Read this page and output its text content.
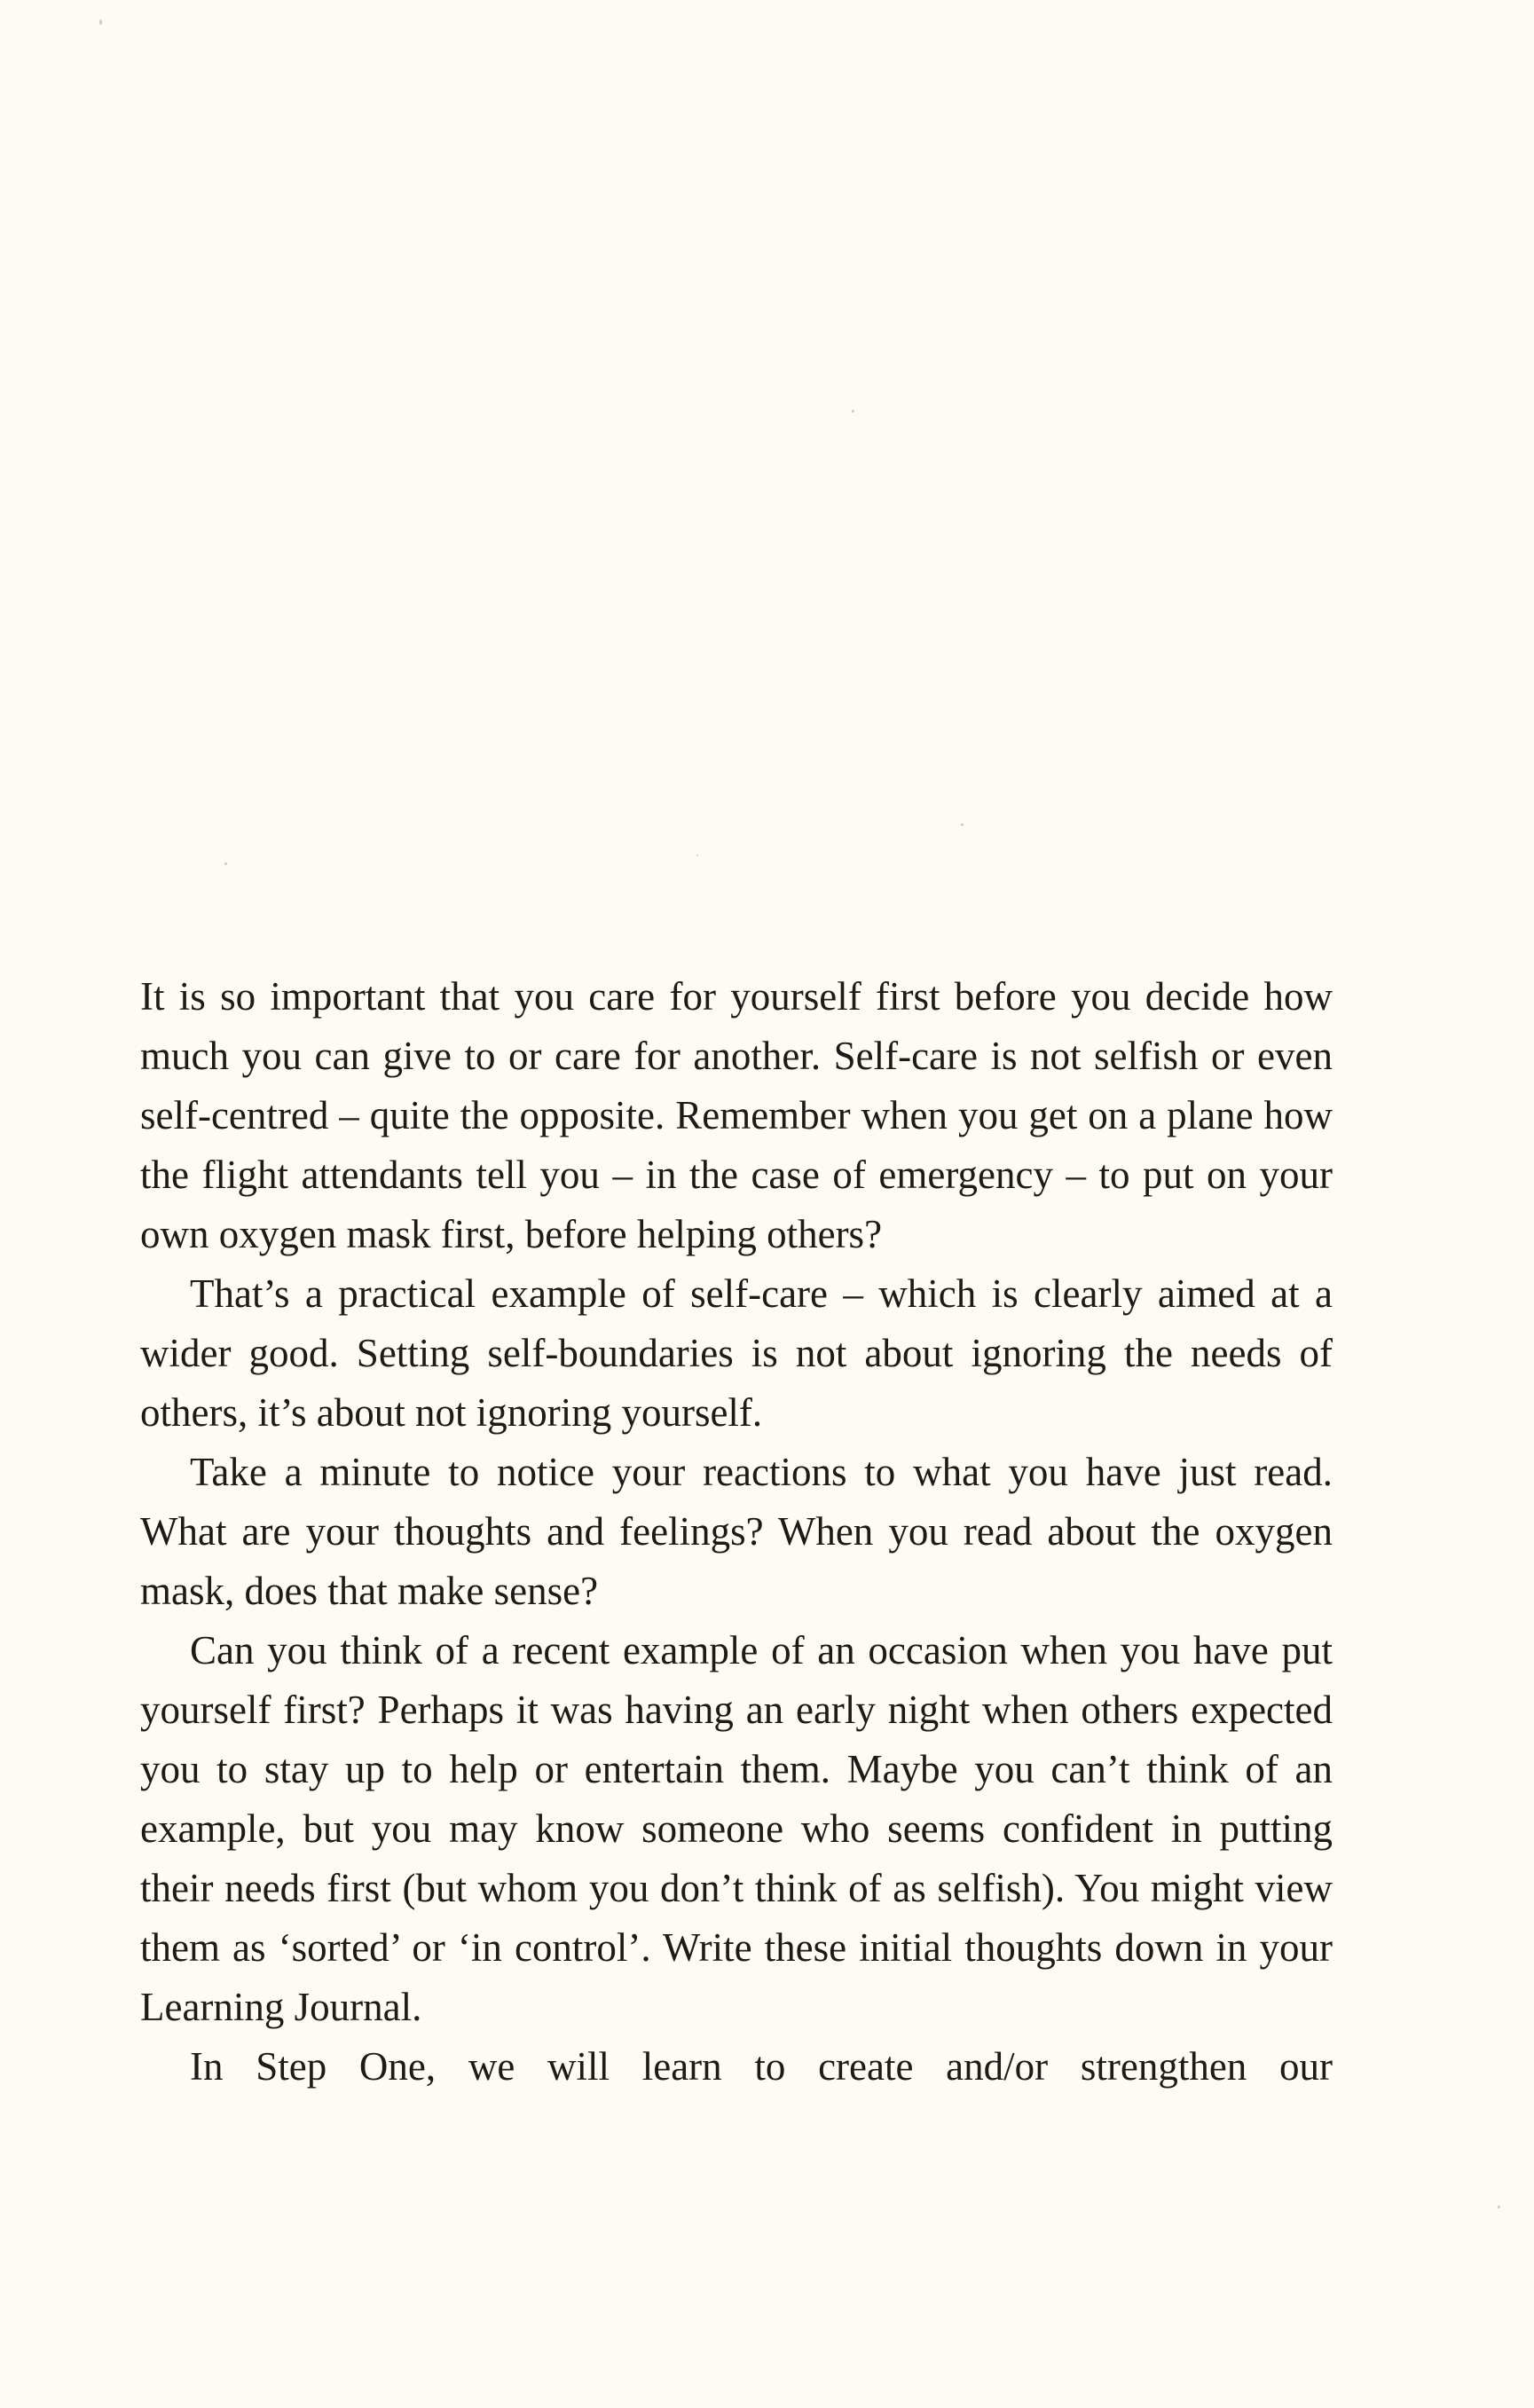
It is so important that you care for yourself first before you decide how much you can give to or care for another. Self-care is not selfish or even self-centred – quite the opposite. Remember when you get on a plane how the flight attendants tell you – in the case of emergency – to put on your own oxygen mask first, before helping others?

That’s a practical example of self-care – which is clearly aimed at a wider good. Setting self-boundaries is not about ignoring the needs of others, it’s about not ignoring yourself.

Take a minute to notice your reactions to what you have just read. What are your thoughts and feelings? When you read about the oxygen mask, does that make sense?

Can you think of a recent example of an occasion when you have put yourself first? Perhaps it was having an early night when others expected you to stay up to help or entertain them. Maybe you can’t think of an example, but you may know someone who seems confident in putting their needs first (but whom you don’t think of as selfish). You might view them as ‘sorted’ or ‘in control’. Write these initial thoughts down in your Learning Journal.

In Step One, we will learn to create and/or strengthen our
